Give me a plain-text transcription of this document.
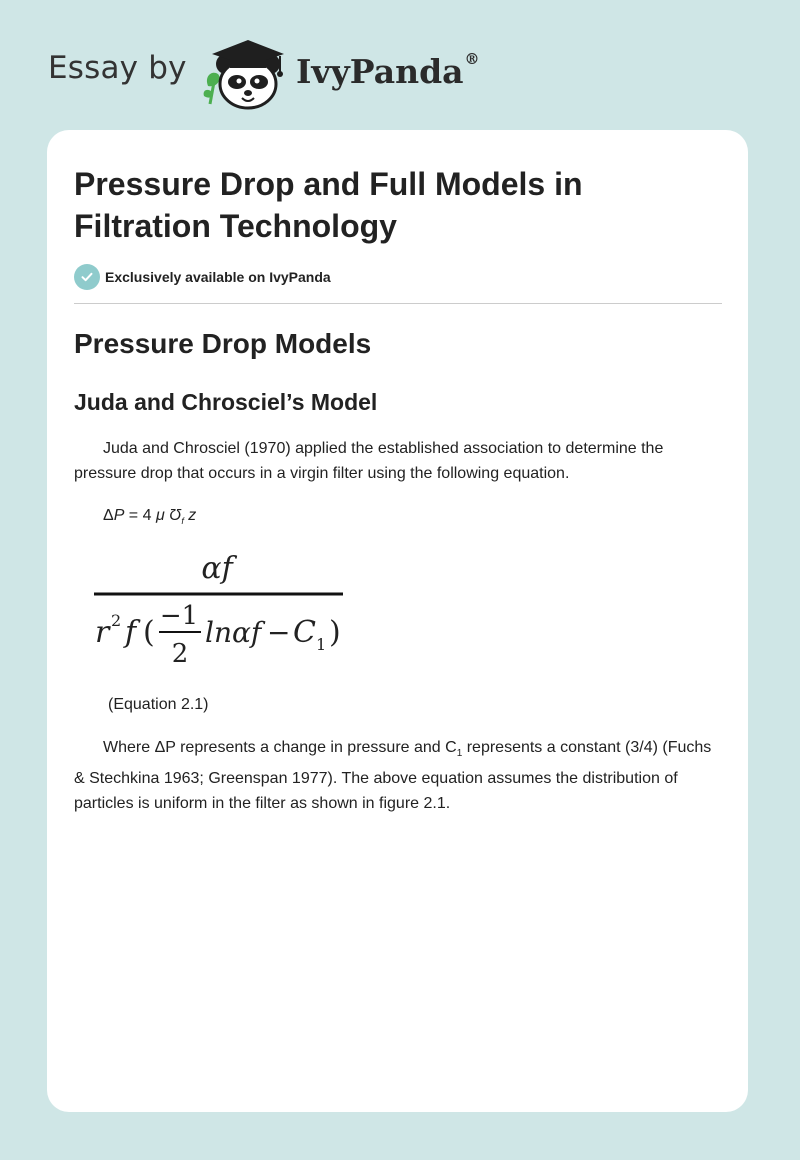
Essay by	IvyPanda®
Pressure Drop and Full Models in Filtration Technology
Exclusively available on IvyPanda
Pressure Drop Models
Juda and Chrosciel’s Model

Juda and Chrosciel (1970) applied the established association to determine the pressure drop that occurs in a virgin filter using the following equation.

ΔP = 4 μ $Ʊ_f$ z
αf
r 2 f ( −1
2
lnαf − C 1 )
(Equation 2.1)

Where ΔP represents a change in pressure and $C_1$ represents a constant (3/4) (Fuchs & Stechkina 1963; Greenspan 1977). The above equation assumes the distribution of particles is uniform in the filter as shown in figure 2.1.
